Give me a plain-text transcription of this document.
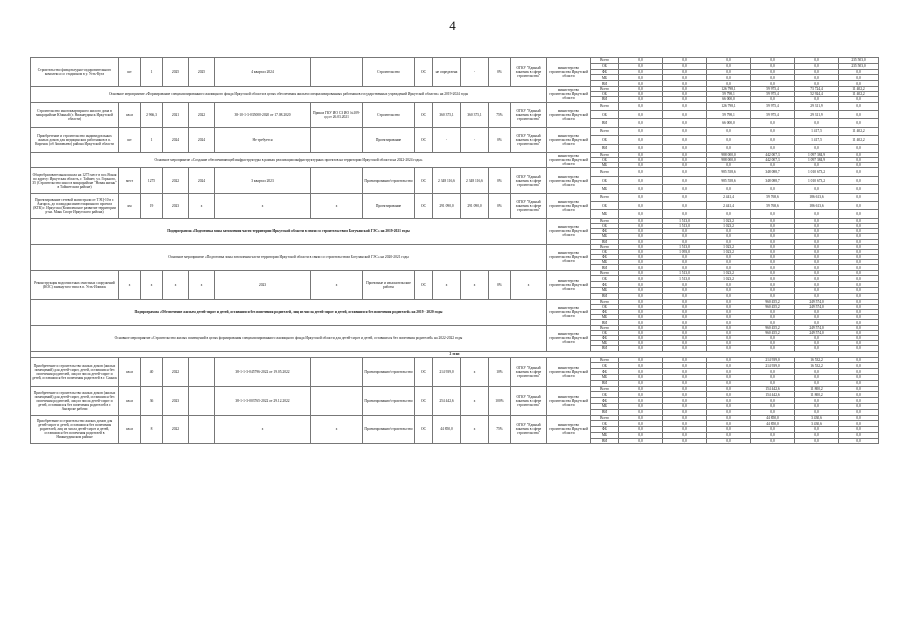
4
Строительство физкультурно-оздоровительного комплекса со стадионом в у. Усть-Кута	шт	1	2025	2025	4 квартал 2024		Строительство	ОС	не определена	-	0%	ОГКУ "Единый заказчик в сфере строительства"	министерство строительства Иркутской области	Всего	0,0	0,0	0,0	0,0	0,0	235 503,0
														ОБ	0,0	0,0	0,0	0,0	0,0	235 503,0
														ФБ	0,0	0,0	0,0	0,0	0,0	0,0
														МБ	0,0	0,0	0,0	0,0	0,0	0,0
														ВИ	0,0	0,0	0,0	0,0	0,0	0,0
Основное мероприятие «Формирование специализированного жилищного фонда Иркутской области в целях обеспечения жильем специализированных работников государственных учреждений Иркутской области» на 2019-2024 годы													министерство строительства Иркутской области	Всего	0,0	0,0	126 798,1	59 975,4	73 724,4	11 402,2
														ОБ	0,0	0,0	59 798,1	59 975,4	52 924,4	11 402,2
														ВИ	0,0	0,0	66 000,0	0,0	0,0	0,0
Строительство многоквартирного жилого дома в микрорайоне Южный (г. Нижнеудинск Иркутской области)	кв.м	2 966,3	2021	2022	38-10-1-3-035000-2020 от 17.08.2020	Приказ ГКУ ИО СЗ ИО №109-од от 26.03.2021	Строительство	ОС	360 375,1	360 375,1	75%	ОГКУ "Единый заказчик в сфере строительства"	министерство строительства Иркутской области	Всего	0,0	0,0	126 798,1	59 975,4	29 311,9	0,0
														ОБ	0,0	0,0	59 798,1	59 975,4	29 311,9	0,0
														ВИ	0,0	0,0	66 000,0	0,0	0,0	0,0
Приобретение и строительство индивидуальных жилых домов для медицинских работников в п. Киренск (об Зимовьево) района Иркутской области	шт	1	2024	2024	Не требуется		Проектирование	ОС	-	-	0%	ОГКУ "Единый заказчик в сфере строительства"	министерство строительства Иркутской области	Всего	0,0	0,0	0,0	0,0	1 417,5	11 402,2
														ОБ	0,0	0,0	0,0	0,0	1 417,5	11 402,2
														ВИ	0,0	0,0	0,0	0,0	0,0	0,0
Основное мероприятие «Создание обеспечивающей инфраструктуры в рамках реализации инфраструктурных проектов на территории Иркутской области на 2022-2024 годы»													министерство строительства Иркутской области	Всего	0,0	0,0	988 000,0	442 007,3	1 097 384,9	0,0
														ОБ	0,0	0,0	988 000,0	442 007,3	1 097 384,9	0,0
														МБ	0,0	0,0	0,0	0,0	0,0	0,0
Общеобразовательная школа на 1275 мест в пос.Ясная по адресу: Иркутская область, г. Тайшет, ул. Горького, 35 (Строительство школ в микрорайоне "Новая жизнь" в Тайшетском районе)	мест	1275	2022	2024	3 квартал 2023		Проектирование/строительство	ОС	2 348 116,6	2 348 116,6	0%	ОГКУ "Единый заказчик в сфере строительства"	министерство строительства Иркутской области	Всего	0,0	0,0	985 558,6	348 088,7	1 010 673,2	0,0
														ОБ	0,0	0,0	985 558,6	348 088,7	1 010 673,2	0,0
														МБ	0,0	0,0	0,0	0,0	0,0	0,0
Проектирование сетевой магистрали от ТЭЦ-10 в г. Ангарск, до площадки инвестиционного проекта (КТК) г. Иркутска (Комплексное развитие территории р-на. Маяк Спорт Иркутского района)	км	19	2023	х	х	х	Проектирование	ОС	291 090,0	291 090,0	0%	ОГКУ "Единый заказчик в сфере строительства"	министерство строительства Иркутской области	Всего	0,0	0,0	2 441,4	59 768,6	186 613,6	0,0
														ОБ	0,0	0,0	2 441,4	59 768,6	186 613,6	0,0
														МБ	0,0	0,0	0,0	0,0	0,0	0,0
Подпрограмма «Подготовка зоны затопления части территории Иркутской области в связи со строительством Богучанской ГЭС» на 2019-2021 годы													министерство строительства Иркутской области	Всего	0,0	1 513,0	1 023,2	0,0	0,0	0,0
														ОБ	0,0	1 513,0	1 023,2	0,0	0,0	0,0
														ФБ	0,0	0,0	0,0	0,0	0,0	0,0
														МБ	0,0	0,0	0,0	0,0	0,0	0,0
														ВИ	0,0	0,0	0,0	0,0	0,0	0,0
Основное мероприятие «Подготовка зоны затопления части территории Иркутской области в связи со строительством Богучанской ГЭС» на 2020-2021 годы													министерство строительства Иркутской области	Всего	0,0	1 513,0	1 023,2	0,0	0,0	0,0
														ОБ	0,0	1 093,0	1 023,2	0,0	0,0	0,0
														ФБ	0,0	0,0	0,0	0,0	0,0	0,0
														МБ	0,0	0,0	0,0	0,0	0,0	0,0
														ВИ	0,0	0,0	0,0	0,0	0,0	0,0
Реконструкция водоочистных очистных сооружений (КОС) замкнутого типа в п. Усть-Илимск	х	х	х	х	2023	х	Проектные и изыскательские работы	ОС	х	х	0%	х	министерство строительства Иркутской области	Всего	0,0	1 513,0	1 023,2	0,0	0,0	0,0
														ОБ	0,0	1 513,0	1 023,2	0,0	0,0	0,0
														ФБ	0,0	0,0	0,0	0,0	0,0	0,0
														МБ	0,0	0,0	0,0	0,0	0,0	0,0
														ВИ	0,0	0,0	0,0	0,0	0,0	0,0
Подпрограмма «Обеспечение жильем детей-сирот и детей, оставшихся без попечения родителей, лиц из числа детей-сирот и детей, оставшихся без попечения родителей» на 2019 - 2020 годы													министерство строительства Иркутской области	Всего	0,0	0,0	0,0	960 455,2	249 574,0	0,0
														ОБ	0,0	0,0	0,0	960 455,2	249 574,0	0,0
														ФБ	0,0	0,0	0,0	0,0	0,0	0,0
														МБ	0,0	0,0	0,0	0,0	0,0	0,0
														ВИ	0,0	0,0	0,0	0,0	0,0	0,0
Основное мероприятие «Строительство жилых помещений в целях формирования специализированного жилищного фонда Иркутской области для детей-сирот и детей, оставшихся без попечения родителей» на 2022-2022 годы													министерство строительства Иркутской области	Всего	0,0	0,0	0,0	960 455,2	249 574,0	0,0
														ОБ	0,0	0,0	0,0	960 455,2	249 574,0	0,0
														ФБ	0,0	0,0	0,0	0,0	0,0	0,0
														МБ	0,0	0,0	0,0	0,0	0,0	0,0
														ВИ	0,0	0,0	0,0	0,0	0,0	0,0
2 этап																				
Приобретение и строительство жилых домов (жилых помещений) для детей-сирот, детей, оставшихся без попечения родителей, лиц из числа детей-сирот и детей, оставшихся без попечения родителей в г. Саянск	кв.м	40	2022		38-1-1-3-045796-2022 от 19.05.2022		Проектирование/строительство	ОС	214 939,0	х	10%	ОГКУ "Единый заказчик в сфере строительства"	министерство строительства Иркутской области	Всего	0,0	0,0	0,0	214 939,0	16 532,2	0,0
														ОБ	0,0	0,0	0,0	214 939,0	16 532,2	0,0
														ФБ	0,0	0,0	0,0	0,0	0,0	0,0
														МБ	0,0	0,0	0,0	0,0	0,0	0,0
														ВИ	0,0	0,0	0,0	0,0	0,0	0,0
Приобретение и строительство жилых домов (жилых помещений) для детей-сирот, детей, оставшихся без попечения родителей, лиц из числа детей-сирот и детей, оставшихся без попечения родителей в г. Ангарске рабочи	кв.м	36	2023		38-1-1-3-003765-2022 от 29.12.2022		Проектирование/строительство	ОС	254 442,6	х	100%	ОГКУ "Единый заказчик в сфере строительства"	министерство строительства Иркутской области	Всего	0,0	0,0	0,0	154 442,6	11 800,2	0,0
														ОБ	0,0	0,0	0,0	154 442,6	11 800,2	0,0
														ФБ	0,0	0,0	0,0	0,0	0,0	0,0
														МБ	0,0	0,0	0,0	0,0	0,0	0,0
														ВИ	0,0	0,0	0,0	0,0	0,0	0,0
Приобретение и строительство жилых домов для детей-сирот и детей, оставшихся без попечения родителей, лиц из числа детей-сирот и детей, оставшихся без попечения родителей в Нижнеудинском районе	кв.м	8	2022		х	х	Проектирование/строительство	ОС	44 850,0	х	75%	ОГКУ "Единый заказчик в сфере строительства"	министерство строительства Иркутской области	Всего	0,0	0,0	0,0	44 850,0	3 430,6	0,0
														ОБ	0,0	0,0	0,0	44 850,0	3 430,6	0,0
														ФБ	0,0	0,0	0,0	0,0	0,0	0,0
														МБ	0,0	0,0	0,0	0,0	0,0	0,0
														ВИ	0,0	0,0	0,0	0,0	0,0	0,0
